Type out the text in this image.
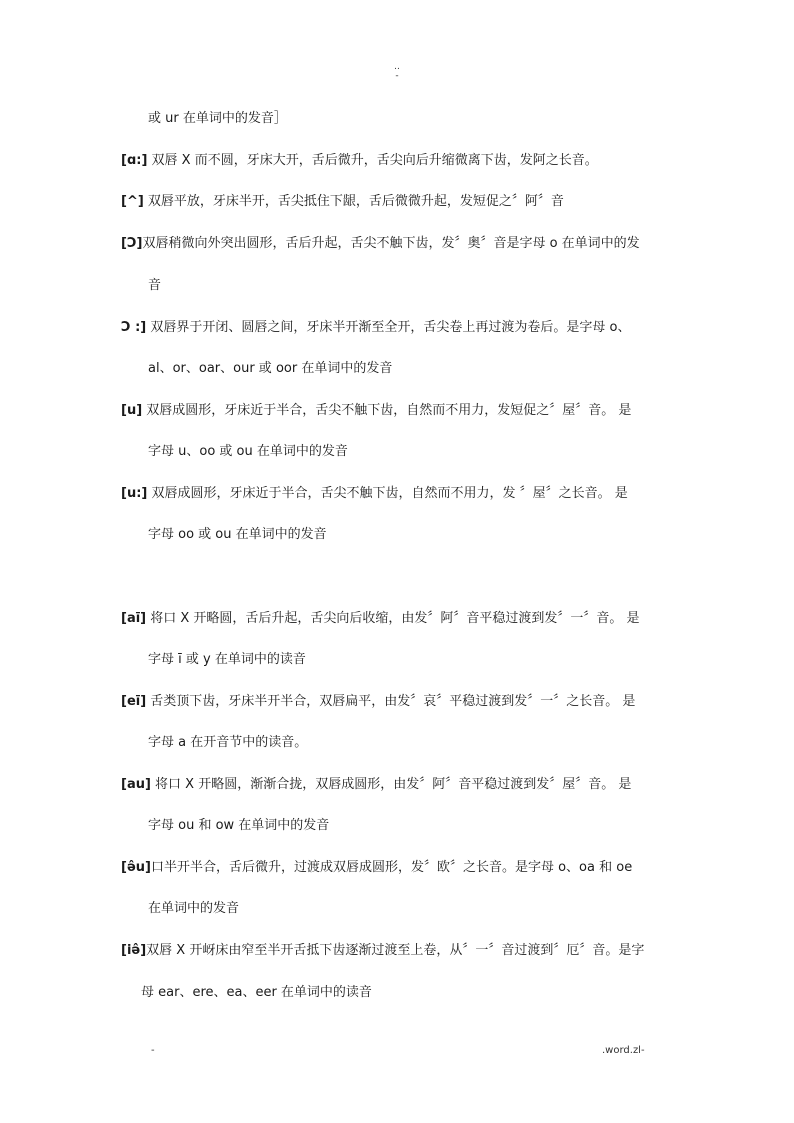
..
-
或 ur 在单词中的发音］
[ɑ:] 双唇 X 而不圆，牙床大开，舌后微升，舌尖向后升缩微离下齿，发阿之长音。
[^] 双唇平放，牙床半开，舌尖抵住下龈，舌后微微升起，发短促之〞阿〞音
[Ɔ]双唇稍微向外突出圆形，舌后升起，舌尖不触下齿，发〞奥〞音是字母 o 在单词中的发
音
Ɔ :] 双唇界于开闭、圆唇之间，牙床半开渐至全开，舌尖卷上再过渡为卷后。是字母 o、
al、or、oar、our 或 oor 在单词中的发音
[u] 双唇成圆形，牙床近于半合，舌尖不触下齿，自然而不用力，发短促之〞屋〞音。 是
字母 u、oo 或 ou 在单词中的发音
[u:] 双唇成圆形，牙床近于半合，舌尖不触下齿，自然而不用力，发 〞屋〞之长音。 是
字母 oo 或 ou 在单词中的发音
[aī] 将口 X 开略圆，舌后升起，舌尖向后收缩，由发〞阿〞音平稳过渡到发〞一〞音。 是
字母 ī 或 y 在单词中的读音
[eī] 舌类顶下齿，牙床半开半合，双唇扁平，由发〞哀〞平稳过渡到发〞一〞之长音。 是
字母 a 在开音节中的读音。
[au] 将口 X 开略圆，渐渐合拢，双唇成圆形，由发〞阿〞音平稳过渡到发〞屋〞音。 是
字母 ou 和 ow 在单词中的发音
[ə̂u]口半开半合，舌后微升，过渡成双唇成圆形，发〞欧〞之长音。是字母 o、oa 和 oe
在单词中的发音
[iə̂]双唇 X 开岈床由窄至半开舌抵下齿逐渐过渡至上卷，从〞一〞音过渡到〞厄〞音。是字
母 ear、ere、ea、eer 在单词中的读音
-	.word.zl-
